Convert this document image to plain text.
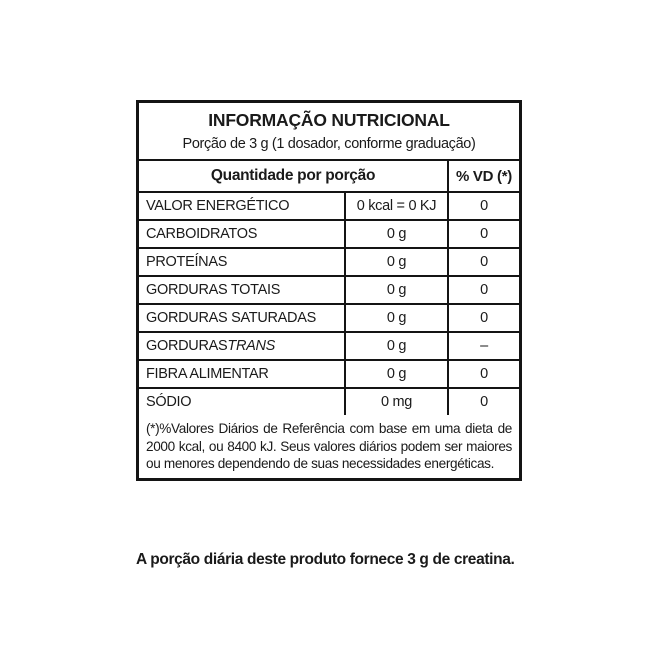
INFORMAÇÃO NUTRICIONAL
Porção de 3 g (1 dosador, conforme graduação)
Quantidade por porção	% VD (*)
VALOR ENERGÉTICO	0 kcal = 0 KJ	0
CARBOIDRATOS	0 g	0
PROTEÍNAS	0 g	0
GORDURAS TOTAIS	0 g	0
GORDURAS SATURADAS	0 g	0
GORDURAS TRANS	0 g	–
FIBRA ALIMENTAR	0 g	0
SÓDIO	0 mg	0
(*)%Valores Diários de Referência com base em uma dieta de 2000 kcal, ou 8400 kJ. Seus valores diários podem ser maiores ou menores dependendo de suas necessidades energéticas.
A porção diária deste produto fornece 3 g de creatina.
